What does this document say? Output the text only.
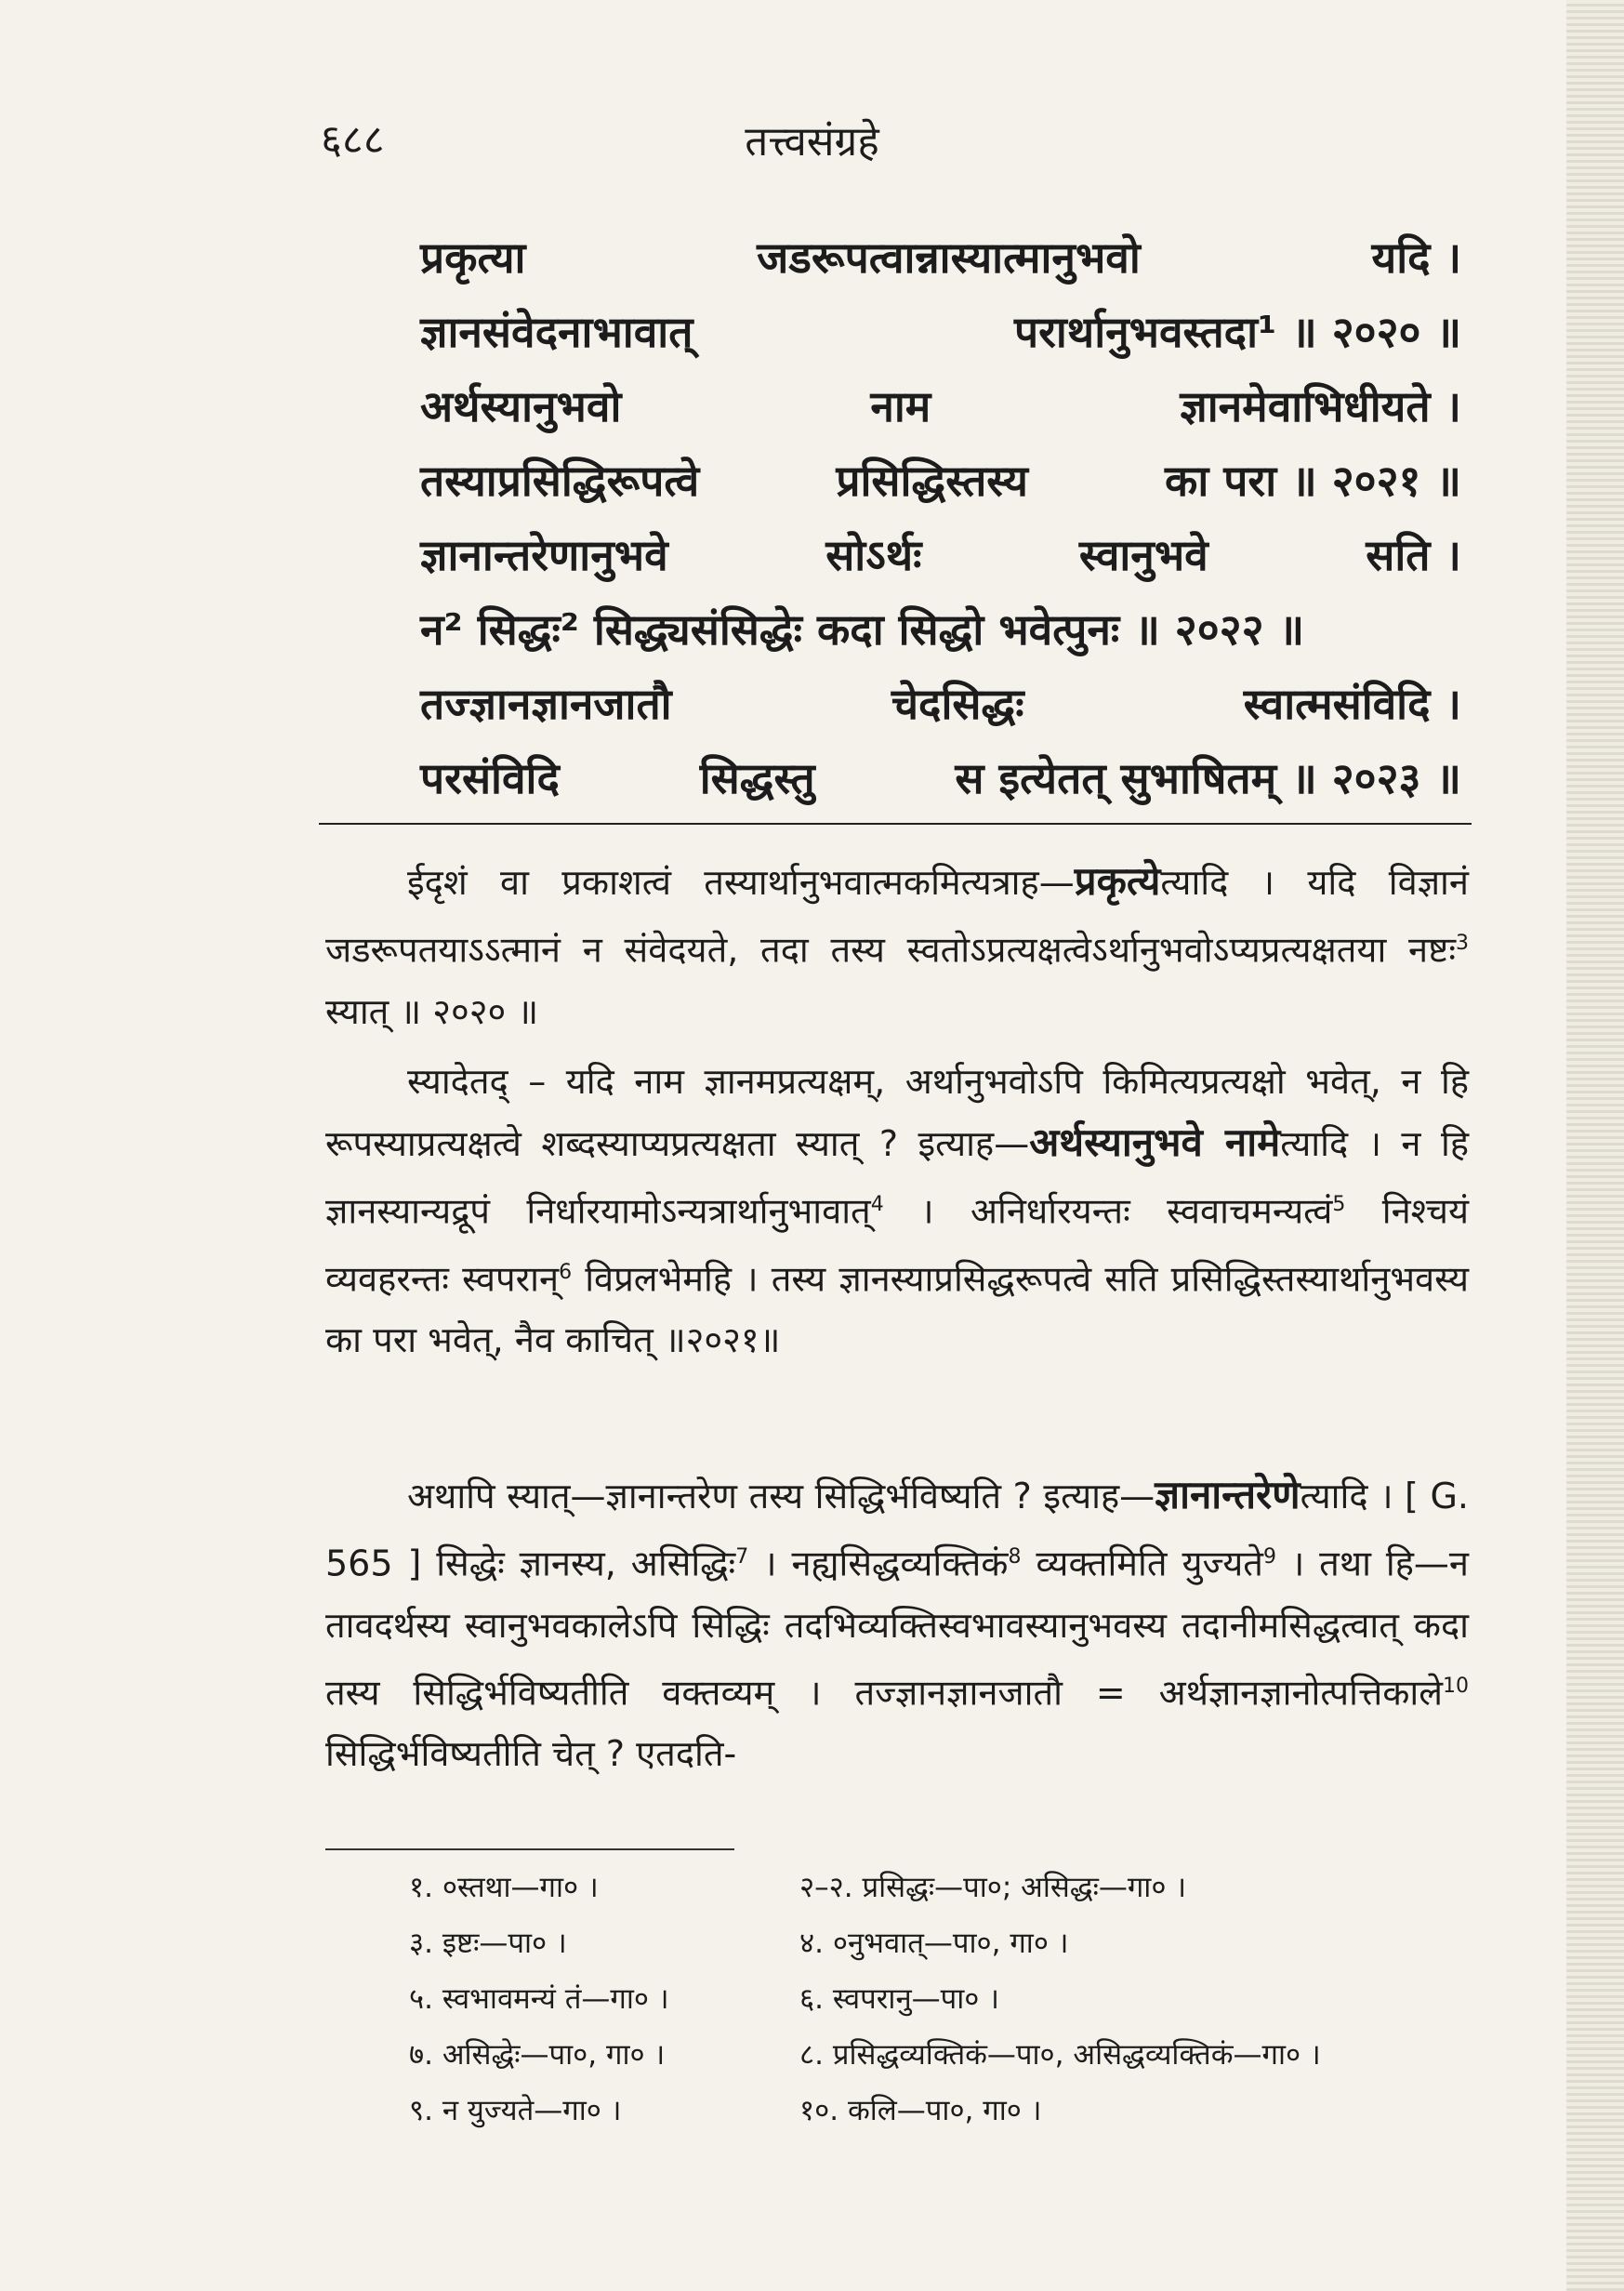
६८८	तत्त्वसंग्रहे
प्रकृत्या	जडरूपत्वान्नास्यात्मानुभवो	यदि ।
ज्ञानसंवेदनाभावात्	परार्थानुभवस्तदा¹ ॥ २०२० ॥
अर्थस्यानुभवो	नाम	ज्ञानमेवाभिधीयते ।
तस्याप्रसिद्धिरूपत्वे	प्रसिद्धिस्तस्य	का परा ॥ २०२१ ॥
ज्ञानान्तरेणानुभवे	सोऽर्थः	स्वानुभवे	सति ।
न² सिद्धः² सिद्ध्यसंसिद्धेः कदा सिद्धो भवेत्पुनः ॥ २०२२ ॥
तज्ज्ञानज्ञानजातौ	चेदसिद्धः	स्वात्मसंविदि ।
परसंविदि	सिद्धस्तु	स इत्येतत् सुभाषितम् ॥ २०२३ ॥
ईदृशं वा प्रकाशत्वं तस्यार्थानुभवात्मकमित्यत्राह—प्रकृत्येत्यादि । यदि विज्ञानं जडरूपतयाऽऽत्मानं न संवेदयते, तदा तस्य स्वतोऽप्रत्यक्षत्वेऽर्थानुभवोऽप्यप्रत्यक्षतया नष्टः$^3$ स्यात् ॥ २०२० ॥
स्यादेतद् – यदि नाम ज्ञानमप्रत्यक्षम्, अर्थानुभवोऽपि किमित्यप्रत्यक्षो भवेत्, न हि रूपस्याप्रत्यक्षत्वे शब्दस्याप्यप्रत्यक्षता स्यात् ? इत्याह—अर्थस्यानुभवे नामेत्यादि । न हि ज्ञानस्यान्यद्रूपं निर्धारयामोऽन्यत्रार्थानुभावात्$^4$ । अनिर्धारयन्तः स्ववाचमन्यत्वं$^5$ निश्चयं व्यवहरन्तः स्वपरान्$^6$ विप्रलभेमहि । तस्य ज्ञानस्याप्रसिद्धरूपत्वे सति प्रसिद्धिस्तस्यार्थानुभवस्य का परा भवेत्, नैव काचित् ॥२०२१॥
अथापि स्यात्—ज्ञानान्तरेण तस्य सिद्धिर्भविष्यति ? इत्याह—ज्ञानान्तरेणेत्यादि । [ G. 565 ] सिद्धेः ज्ञानस्य, असिद्धिः$^7$ । नह्यसिद्धव्यक्तिकं$^8$ व्यक्तमिति युज्यते$^9$ । तथा हि—न तावदर्थस्य स्वानुभवकालेऽपि सिद्धिः तदभिव्यक्तिस्वभावस्यानुभवस्य तदानीमसिद्धत्वात् कदा तस्य सिद्धिर्भविष्यतीति वक्तव्यम् । तज्ज्ञानज्ञानजातौ = अर्थज्ञानज्ञानोत्पत्तिकाले$^{10}$ सिद्धिर्भविष्यतीति चेत् ? एतदति-
१. ०स्तथा—गा० ।	२–२. प्रसिद्धः—पा०; असिद्धः—गा० ।
३. इष्टः—पा० ।	४. ०नुभवात्—पा०, गा० ।
५. स्वभावमन्यं तं—गा० ।	६. स्वपरानु—पा० ।
७. असिद्धेः—पा०, गा० ।	८. प्रसिद्धव्यक्तिकं—पा०, असिद्धव्यक्तिकं—गा० ।
९. न युज्यते—गा० ।	१०. कलि—पा०, गा० ।
